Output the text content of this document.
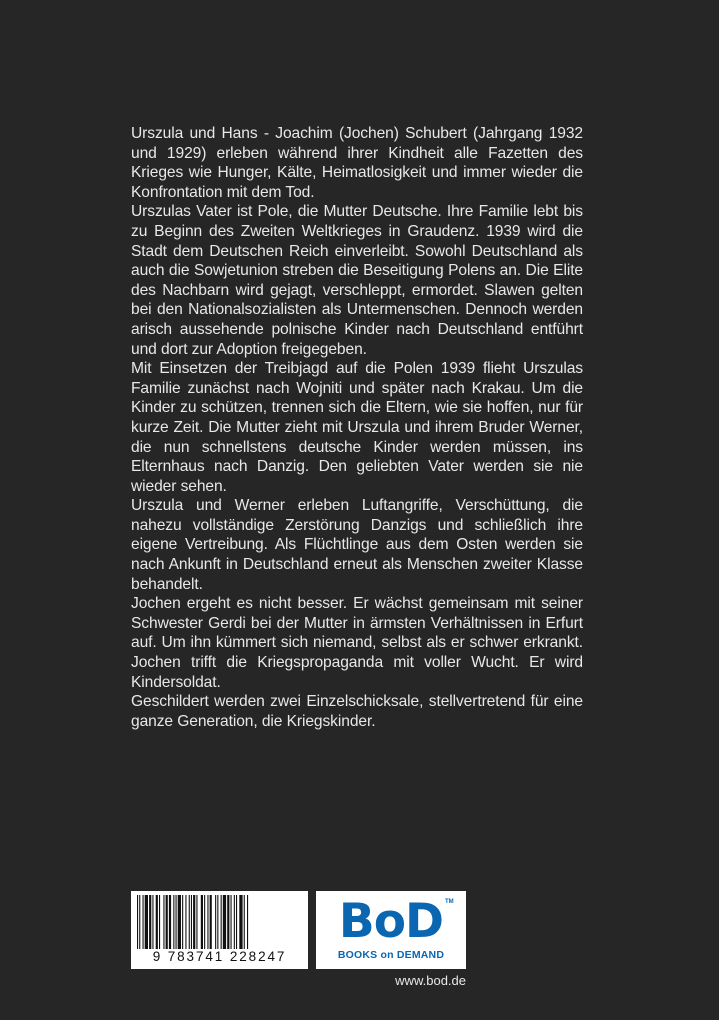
Urszula und Hans - Joachim (Jochen) Schubert (Jahrgang 1932 und 1929) erleben während ihrer Kindheit alle Fazetten des Krieges wie Hunger, Kälte, Heimatlosigkeit und immer wieder die Konfrontation mit dem Tod.

Urszulas Vater ist Pole, die Mutter Deutsche. Ihre Familie lebt bis zu Beginn des Zweiten Weltkrieges in Graudenz. 1939 wird die Stadt dem Deutschen Reich einverleibt. Sowohl Deutschland als auch die Sowjetunion streben die Beseitigung Polens an. Die Elite des Nachbarn wird gejagt, verschleppt, ermordet. Slawen gelten bei den Nationalsozialisten als Untermenschen. Dennoch werden arisch aussehende polnische Kinder nach Deutschland entführt und dort zur Adoption freigegeben.

Mit Einsetzen der Treibjagd auf die Polen 1939 flieht Urszulas Familie zunächst nach Wojniti und später nach Krakau. Um die Kinder zu schützen, trennen sich die Eltern, wie sie hoffen, nur für kurze Zeit. Die Mutter zieht mit Urszula und ihrem Bruder Werner, die nun schnellstens deutsche Kinder werden müssen, ins Elternhaus nach Danzig. Den geliebten Vater werden sie nie wieder sehen.

Urszula und Werner erleben Luftangriffe, Verschüttung, die nahezu vollständige Zerstörung Danzigs und schließlich ihre eigene Vertreibung. Als Flüchtlinge aus dem Osten werden sie nach Ankunft in Deutschland erneut als Menschen zweiter Klasse behandelt.

Jochen ergeht es nicht besser. Er wächst gemeinsam mit seiner Schwester Gerdi bei der Mutter in ärmsten Verhältnissen in Erfurt auf. Um ihn kümmert sich niemand, selbst als er schwer erkrankt. Jochen trifft die Kriegspropaganda mit voller Wucht. Er wird Kindersoldat.

Geschildert werden zwei Einzelschicksale, stellvertretend für eine ganze Generation, die Kriegskinder.

9 783741 228247
BoD TM
BOOKS on DEMAND
www.bod.de
